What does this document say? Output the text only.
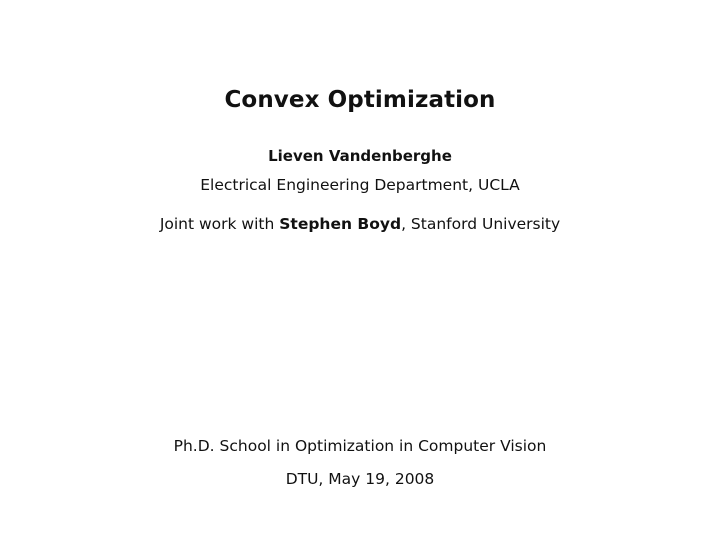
Convex Optimization
Lieven Vandenberghe
Electrical Engineering Department, UCLA
Joint work with Stephen Boyd, Stanford University
Ph.D. School in Optimization in Computer Vision
DTU, May 19, 2008
